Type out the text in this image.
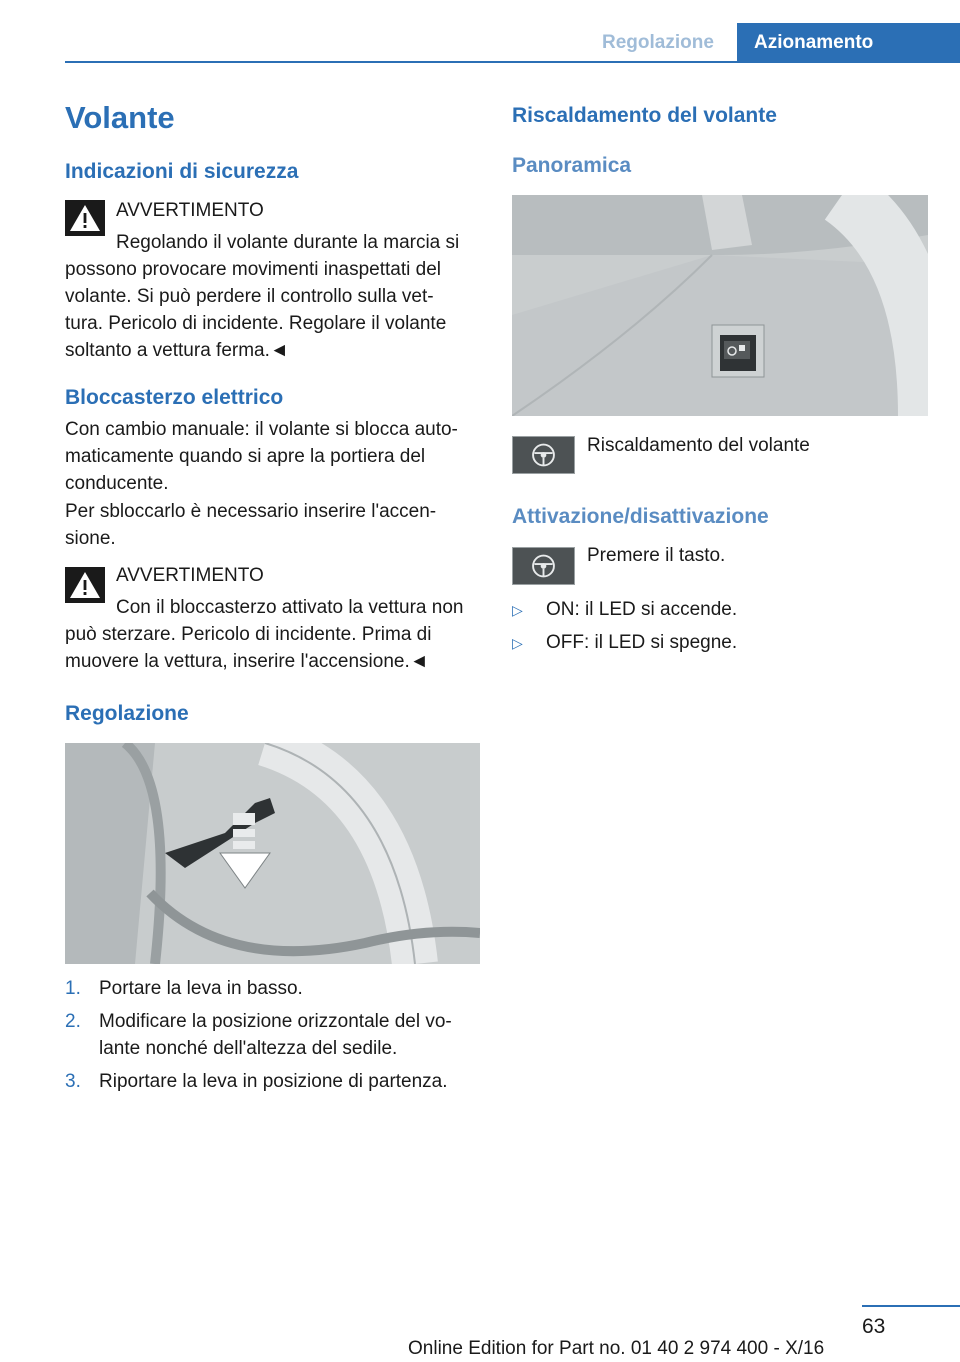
Regolazione	Azionamento
Volante
Indicazioni di sicurezza
AVVERTIMENTO
Regolando il volante durante la marcia si
possono provocare movimenti inaspettati del
volante. Si può perdere il controllo sulla vet-
tura. Pericolo di incidente. Regolare il volante
soltanto a vettura ferma.◄
Bloccasterzo elettrico
Con cambio manuale: il volante si blocca auto-
maticamente quando si apre la portiera del
conducente.
Per sbloccarlo è necessario inserire l'accen-
sione.
AVVERTIMENTO
Con il bloccasterzo attivato la vettura non
può sterzare. Pericolo di incidente. Prima di
muovere la vettura, inserire l'accensione.◄
Regolazione
1. Portare la leva in basso.
2. Modificare la posizione orizzontale del vo-
lante nonché dell'altezza del sedile.
3. Riportare la leva in posizione di partenza.
Riscaldamento del volante
Panoramica
Riscaldamento del volante
Attivazione/disattivazione
Premere il tasto.
▷ ON: il LED si accende.
▷ OFF: il LED si spegne.
63
Online Edition for Part no. 01 40 2 974 400 - X/16
